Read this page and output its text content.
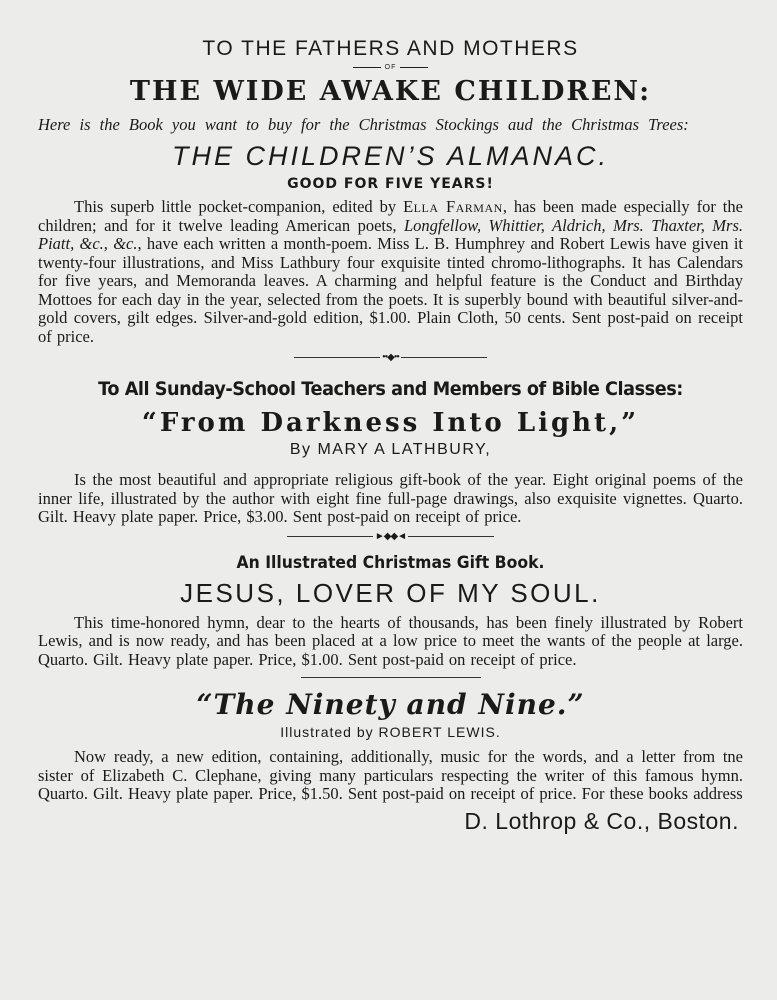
TO THE FATHERS AND MOTHERS

OF

THE WIDE AWAKE CHILDREN:

Here is the Book you want to buy for the Christmas Stockings aud the Christmas Trees:

THE CHILDREN’S ALMANAC.

GOOD FOR FIVE YEARS!

This superb little pocket-companion, edited by Ella Farman, has been made especially for the children; and for it twelve leading American poets, Longfellow, Whittier, Aldrich, Mrs. Thaxter, Mrs. Piatt, &c., &c., have each written a month-poem. Miss L. B. Humphrey and Robert Lewis have given it twenty-four illustrations, and Miss Lathbury four exquisite tinted chromo-lithographs. It has Calendars for five years, and Memoranda leaves. A charming and helpful feature is the Conduct and Birthday Mottoes for each day in the year, selected from the poets. It is superbly bound with beautiful silver-and-gold covers, gilt edges. Silver-and-gold edition, $1.00. Plain Cloth, 50 cents. Sent post-paid on receipt of price.

••◆••

To All Sunday-School Teachers and Members of Bible Classes:

“From Darkness Into Light,”

By MARY A LATHBURY,

Is the most beautiful and appropriate religious gift-book of the year. Eight original poems of the inner life, illustrated by the author with eight fine full-page drawings, also exquisite vignettes. Quarto. Gilt. Heavy plate paper. Price, $3.00. Sent post-paid on receipt of price.

►◆◆◄

An Illustrated Christmas Gift Book.

JESUS, LOVER OF MY SOUL.

This time-honored hymn, dear to the hearts of thousands, has been finely illustrated by Robert Lewis, and is now ready, and has been placed at a low price to meet the wants of the people at large. Quarto. Gilt. Heavy plate paper. Price, $1.00. Sent post-paid on receipt of price.

“The Ninety and Nine.”

Illustrated by ROBERT LEWIS.

Now ready, a new edition, containing, additionally, music for the words, and a letter from tne sister of Elizabeth C. Clephane, giving many particulars respecting the writer of this famous hymn. Quarto. Gilt. Heavy plate paper. Price, $1.50. Sent post-paid on receipt of price. For these books address

D. Lothrop & Co., Boston.
